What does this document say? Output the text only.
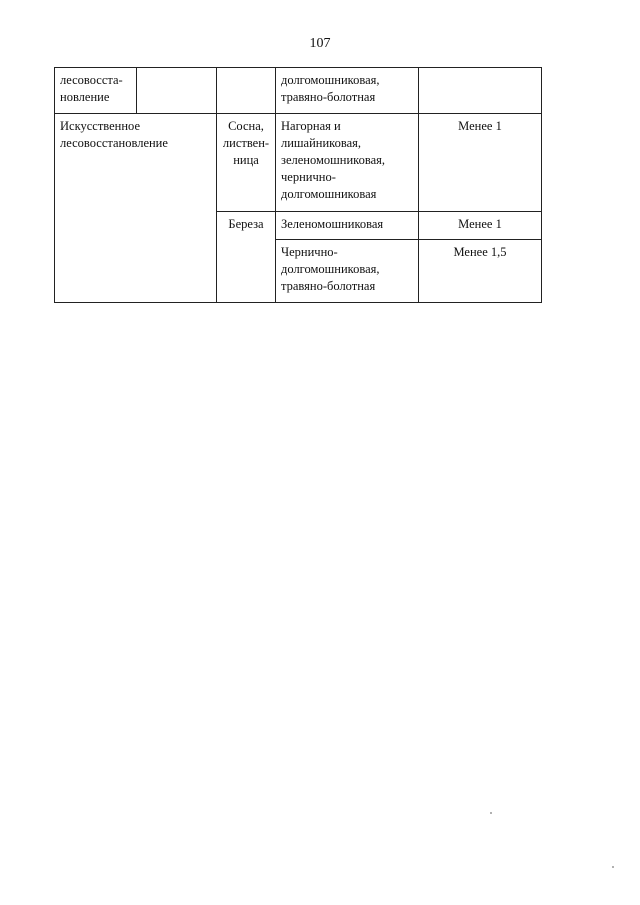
107
лесовосста-
новление			долгомошниковая,
травяно-болотная	
Искусственное
лесовосстановление		Сосна,
листвен-
ница	Нагорная и
лишайниковая,
зеленомошниковая,
чернично-
долгомошниковая	Менее 1
		Береза	Зеленомошниковая	Менее 1
			Чернично-
долгомошниковая,
травяно-болотная	Менее 1,5
